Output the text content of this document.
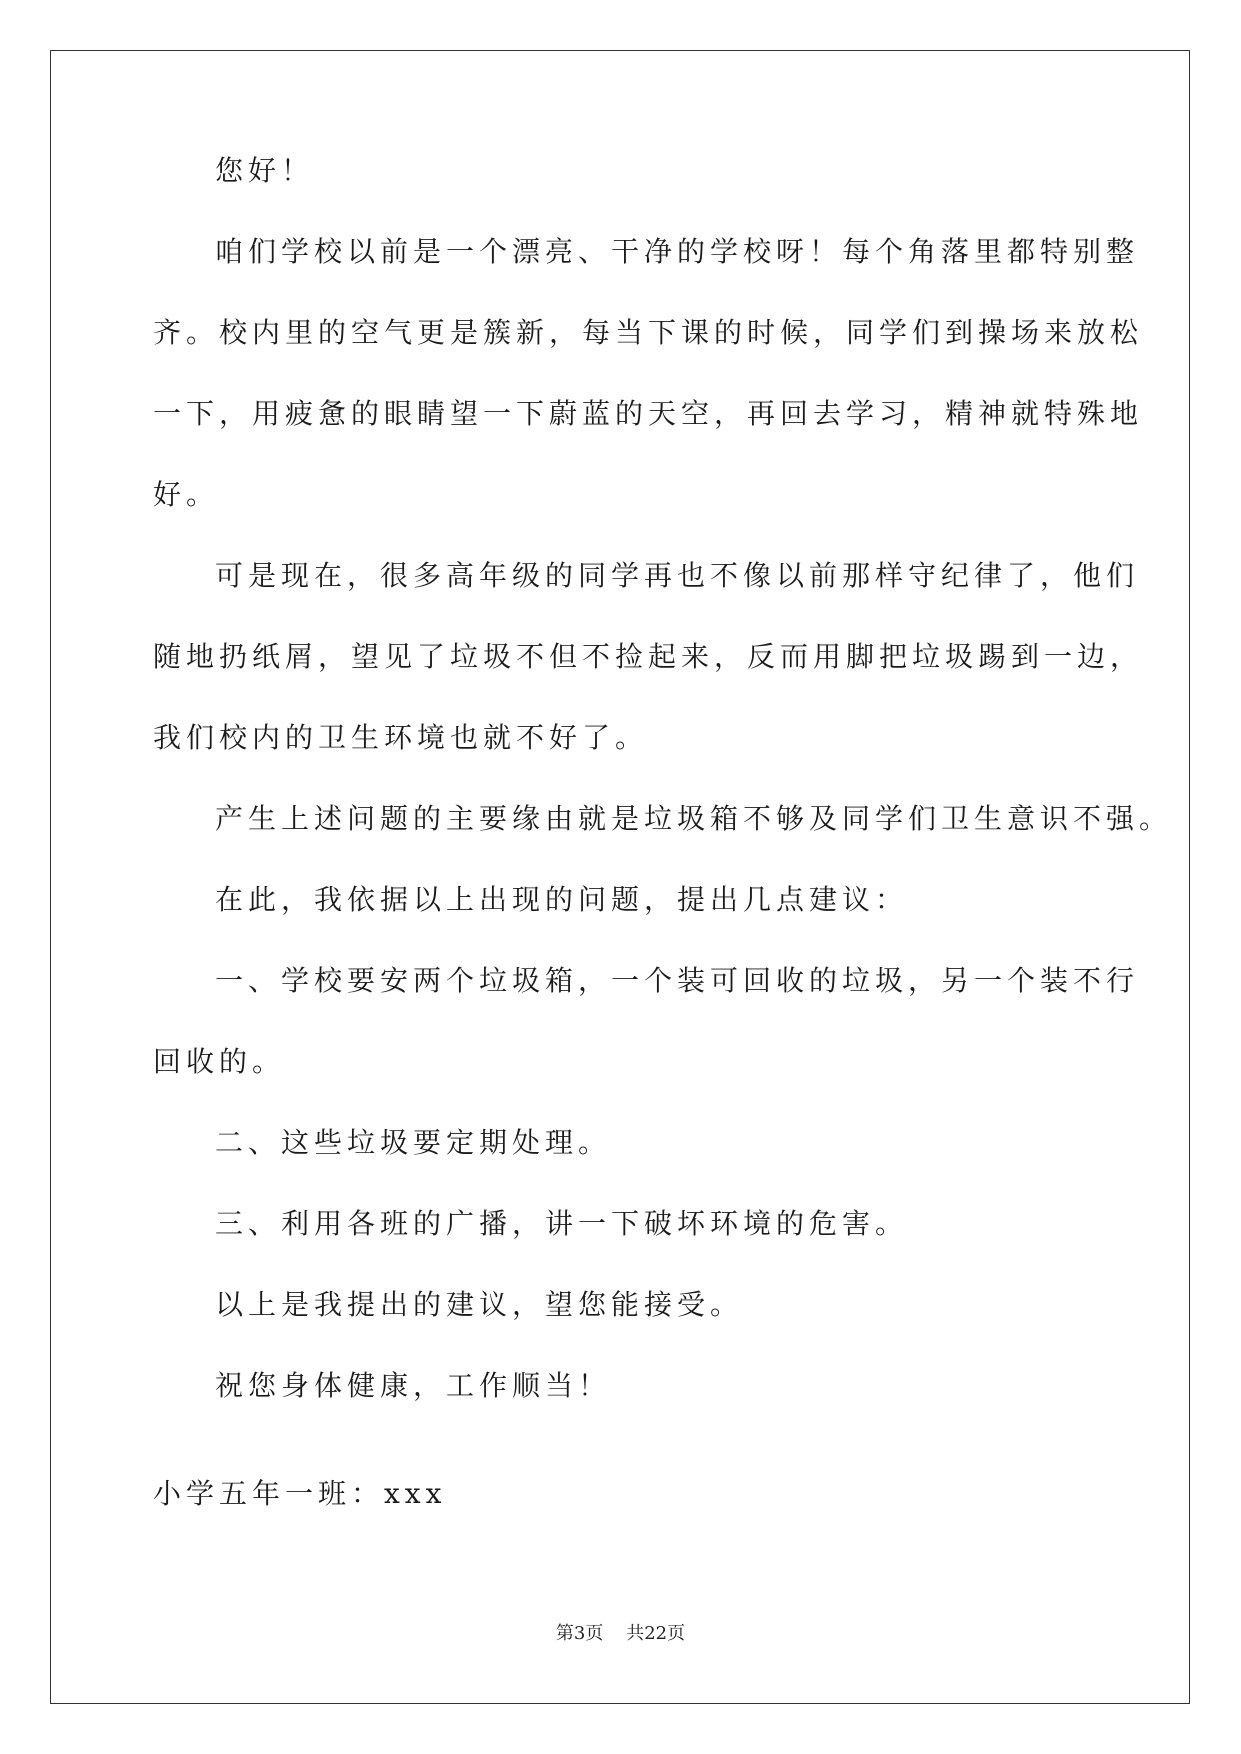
您好！

咱们学校以前是一个漂亮、干净的学校呀！每个角落里都特别整
齐。校内里的空气更是簇新，每当下课的时候，同学们到操场来放松
一下，用疲惫的眼睛望一下蔚蓝的天空，再回去学习，精神就特殊地
好。

可是现在，很多高年级的同学再也不像以前那样守纪律了，他们
随地扔纸屑，望见了垃圾不但不捡起来，反而用脚把垃圾踢到一边，
我们校内的卫生环境也就不好了。

产生上述问题的主要缘由就是垃圾箱不够及同学们卫生意识不强。

在此，我依据以上出现的问题，提出几点建议：

一、学校要安两个垃圾箱，一个装可回收的垃圾，另一个装不行
回收的。

二、这些垃圾要定期处理。

三、利用各班的广播，讲一下破坏环境的危害。

以上是我提出的建议，望您能接受。

祝您身体健康，工作顺当！

小学五年一班：xxx
第3页    共22页
